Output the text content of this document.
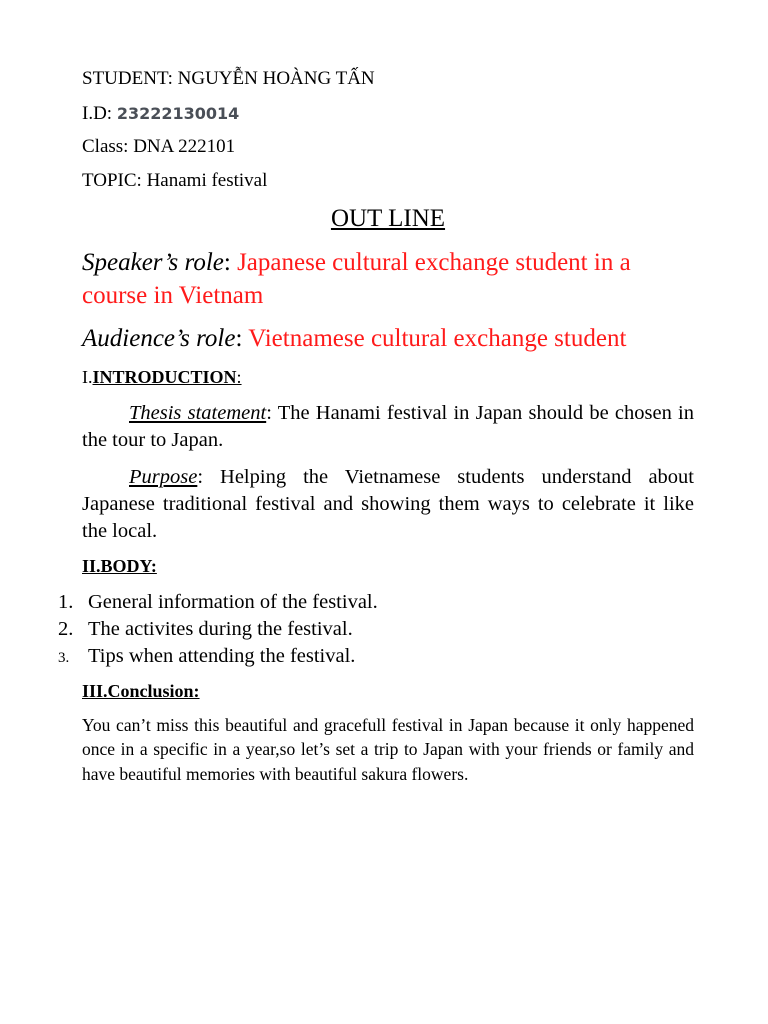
STUDENT: NGUYỄN HOÀNG TẤN
I.D: 23222130014
Class: DNA 222101
TOPIC: Hanami festival
OUT LINE
Speaker’s role: Japanese cultural exchange student in a
course in Vietnam
Audience’s role: Vietnamese cultural exchange student
I.INTRODUCTION:
Thesis statement: The Hanami festival in Japan should be chosen in the tour to Japan.
Purpose: Helping the Vietnamese students understand about Japanese traditional festival and showing them ways to celebrate it like the local.
II.BODY:
1. General information of the festival.
2. The activites during the festival.
3. Tips when attending the festival.
III.Conclusion:
You can’t miss this beautiful and gracefull festival in Japan because it only happened once in a specific in a year,so let’s set a trip to Japan with your friends or family and have beautiful memories with beautiful sakura flowers.
